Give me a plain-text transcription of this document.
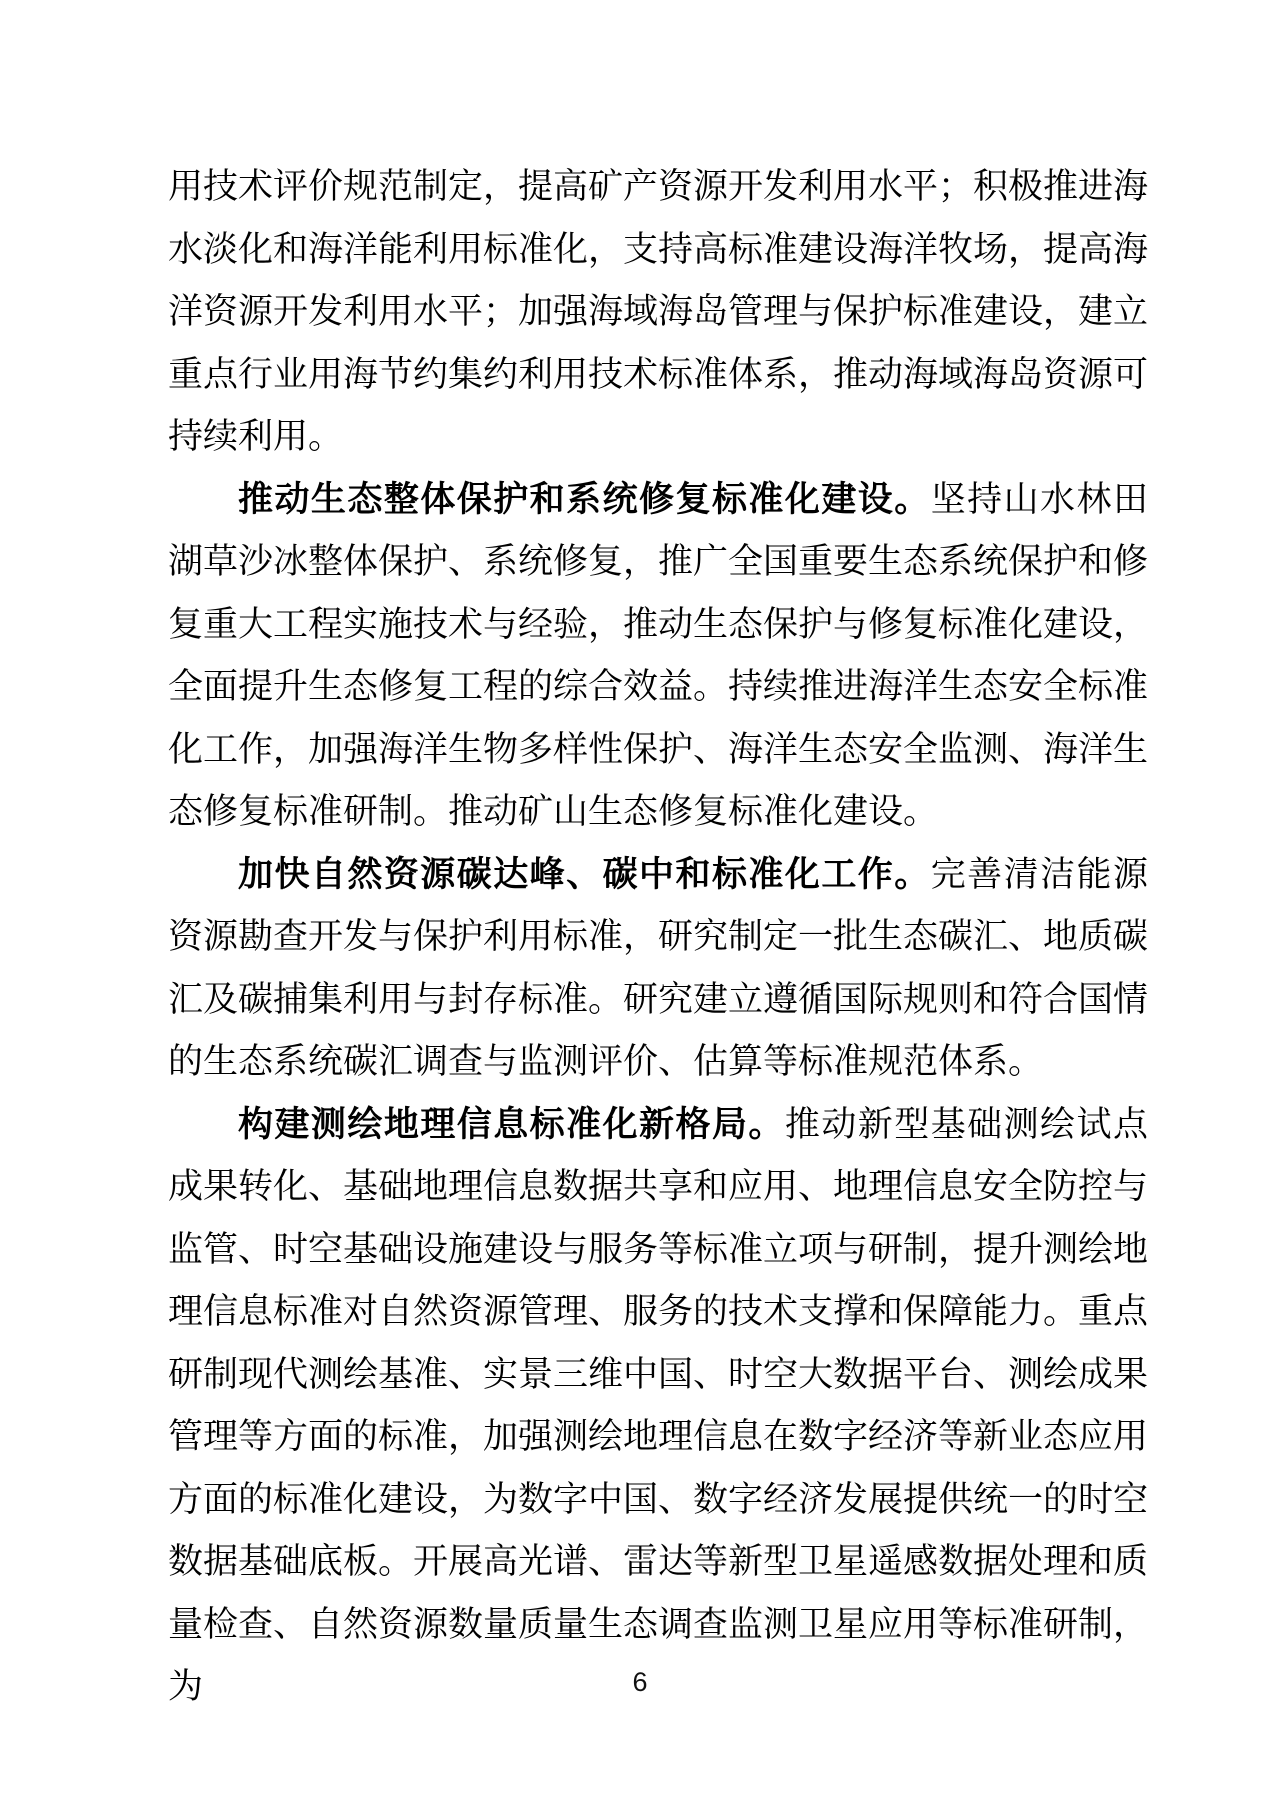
用技术评价规范制定，提高矿产资源开发利用水平；积极推进海水淡化和海洋能利用标准化，支持高标准建设海洋牧场，提高海洋资源开发利用水平；加强海域海岛管理与保护标准建设，建立重点行业用海节约集约利用技术标准体系，推动海域海岛资源可持续利用。

推动生态整体保护和系统修复标准化建设。坚持山水林田湖草沙冰整体保护、系统修复，推广全国重要生态系统保护和修复重大工程实施技术与经验，推动生态保护与修复标准化建设，全面提升生态修复工程的综合效益。持续推进海洋生态安全标准化工作，加强海洋生物多样性保护、海洋生态安全监测、海洋生态修复标准研制。推动矿山生态修复标准化建设。

加快自然资源碳达峰、碳中和标准化工作。完善清洁能源资源勘查开发与保护利用标准，研究制定一批生态碳汇、地质碳汇及碳捕集利用与封存标准。研究建立遵循国际规则和符合国情的生态系统碳汇调查与监测评价、估算等标准规范体系。

构建测绘地理信息标准化新格局。推动新型基础测绘试点成果转化、基础地理信息数据共享和应用、地理信息安全防控与监管、时空基础设施建设与服务等标准立项与研制，提升测绘地理信息标准对自然资源管理、服务的技术支撑和保障能力。重点研制现代测绘基准、实景三维中国、时空大数据平台、测绘成果管理等方面的标准，加强测绘地理信息在数字经济等新业态应用方面的标准化建设，为数字中国、数字经济发展提供统一的时空数据基础底板。开展高光谱、雷达等新型卫星遥感数据处理和质量检查、自然资源数量质量生态调查监测卫星应用等标准研制，为	6
